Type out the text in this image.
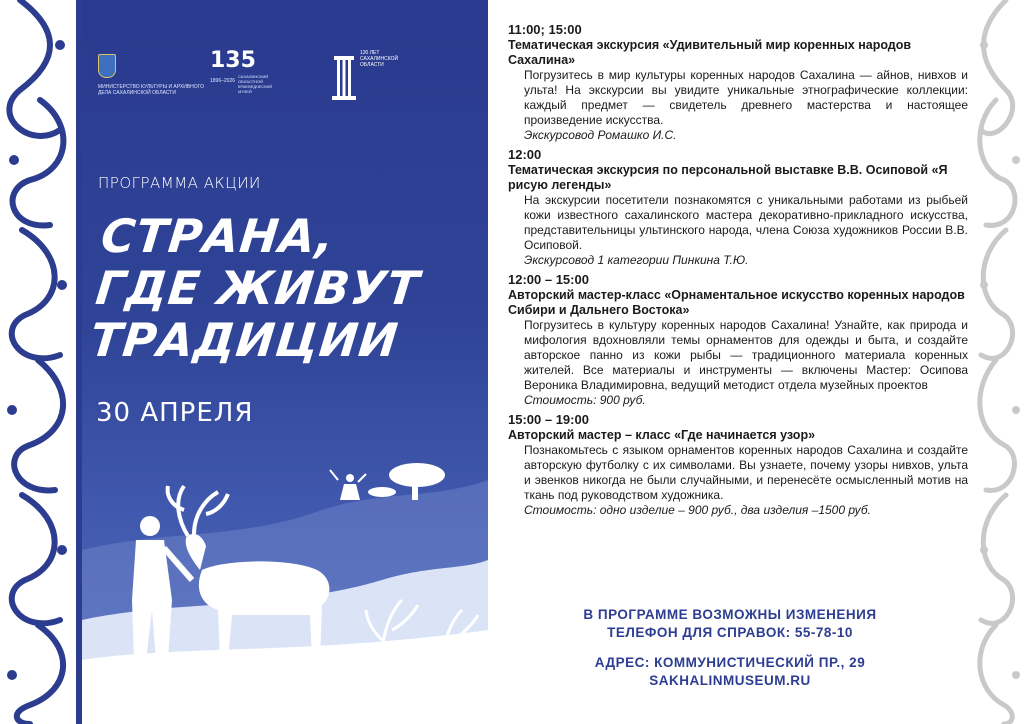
МИНИСТЕРСТВО КУЛЬТУРЫ И АРХИВНОГО ДЕЛА САХАЛИНСКОЙ ОБЛАСТИ
135
1896–2026
САХАЛИНСКИЙ ОБЛАСТНОЙ КРАЕВЕДЧЕСКИЙ МУЗЕЙ
130 ЛЕТ САХАЛИНСКОЙ ОБЛАСТИ
ПРОГРАММА АКЦИИ
СТРАНА,
ГДЕ ЖИВУТ
ТРАДИЦИИ
30 АПРЕЛЯ
11:00; 15:00
Тематическая экскурсия «Удивительный мир коренных народов Сахалина»
Погрузитесь в мир культуры коренных народов Сахалина — айнов, нивхов и ульта! На экскурсии вы увидите уникальные этнографические коллекции: каждый предмет — свидетель древнего мастерства и настоящее произведение искусства.
Экскурсовод Ромашко И.С.
12:00
Тематическая экскурсия по персональной выставке В.В. Осиповой «Я рисую легенды»
На экскурсии посетители познакомятся с уникальными работами из рыбьей кожи известного сахалинского мастера декоративно-прикладного искусства, представительницы ультинского народа, члена Союза художников России В.В. Осиповой.
Экскурсовод 1 категории Пинкина Т.Ю.
12:00 – 15:00
Авторский мастер-класс «Орнаментальное искусство коренных народов Сибири и Дальнего Востока»
Погрузитесь в культуру коренных народов Сахалина! Узнайте, как природа и мифология вдохновляли темы орнаментов для одежды и быта, и создайте авторское панно из кожи рыбы — традиционного материала коренных жителей. Все материалы и инструменты — включены Мастер: Осипова Вероника Владимировна, ведущий методист отдела музейных проектов
Стоимость: 900 руб.
15:00 – 19:00
Авторский мастер – класс «Где начинается узор»
Познакомьтесь с языком орнаментов коренных народов Сахалина и создайте авторскую футболку с их символами. Вы узнаете, почему узоры нивхов, ульта и эвенков никогда не были случайными, и перенесёте осмысленный мотив на ткань под руководством художника.
Стоимость: одно изделие – 900 руб., два изделия –1500 руб.
В ПРОГРАММЕ ВОЗМОЖНЫ ИЗМЕНЕНИЯ
ТЕЛЕФОН ДЛЯ СПРАВОК: 55-78-10
АДРЕС: КОММУНИСТИЧЕСКИЙ ПР., 29
SAKHALINMUSEUM.RU
